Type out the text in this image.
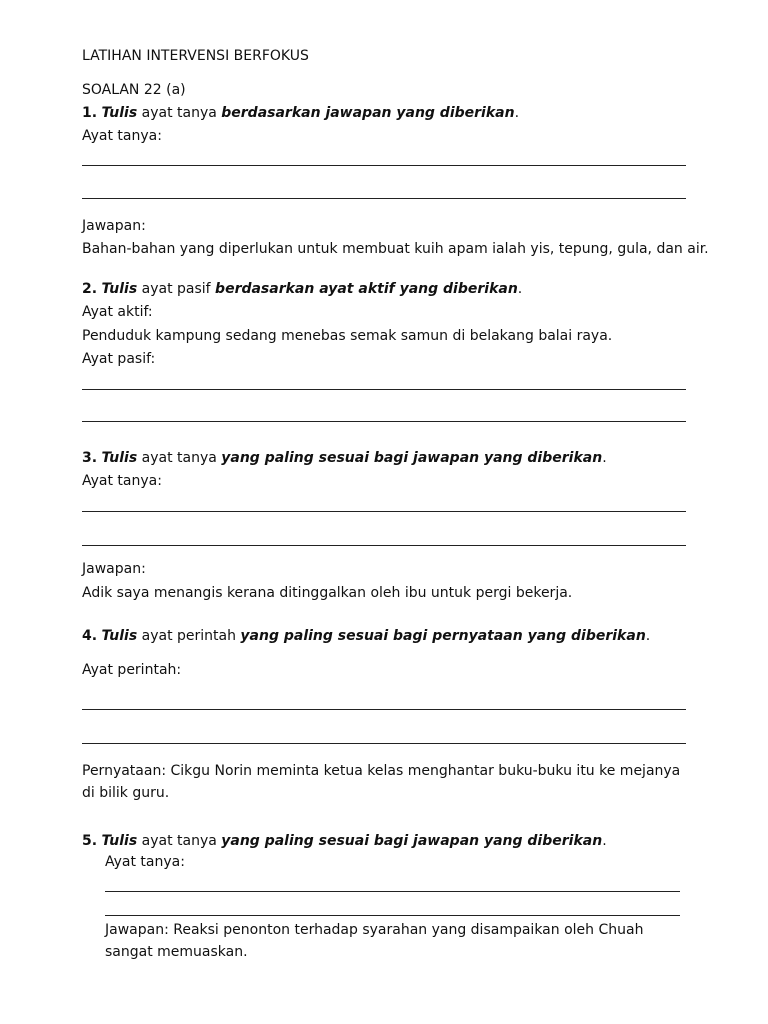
LATIHAN INTERVENSI BERFOKUS
SOALAN 22 (a)
1. Tulis ayat tanya berdasarkan jawapan yang diberikan.
Ayat tanya:
Jawapan:
Bahan-bahan yang diperlukan untuk membuat kuih apam ialah yis, tepung, gula, dan air.
2. Tulis ayat pasif berdasarkan ayat aktif yang diberikan.
Ayat aktif:
Penduduk kampung sedang menebas semak samun di belakang balai raya.
Ayat pasif:
3. Tulis ayat tanya yang paling sesuai bagi jawapan yang diberikan.
Ayat tanya:
Jawapan:
Adik saya menangis kerana ditinggalkan oleh ibu untuk pergi bekerja.
4. Tulis ayat perintah yang paling sesuai bagi pernyataan yang diberikan.
Ayat perintah:
Pernyataan: Cikgu Norin meminta ketua kelas menghantar buku-buku itu ke mejanya di bilik guru.
5. Tulis ayat tanya yang paling sesuai bagi jawapan yang diberikan.
Ayat tanya:
Jawapan: Reaksi penonton terhadap syarahan yang disampaikan oleh Chuah sangat memuaskan.
